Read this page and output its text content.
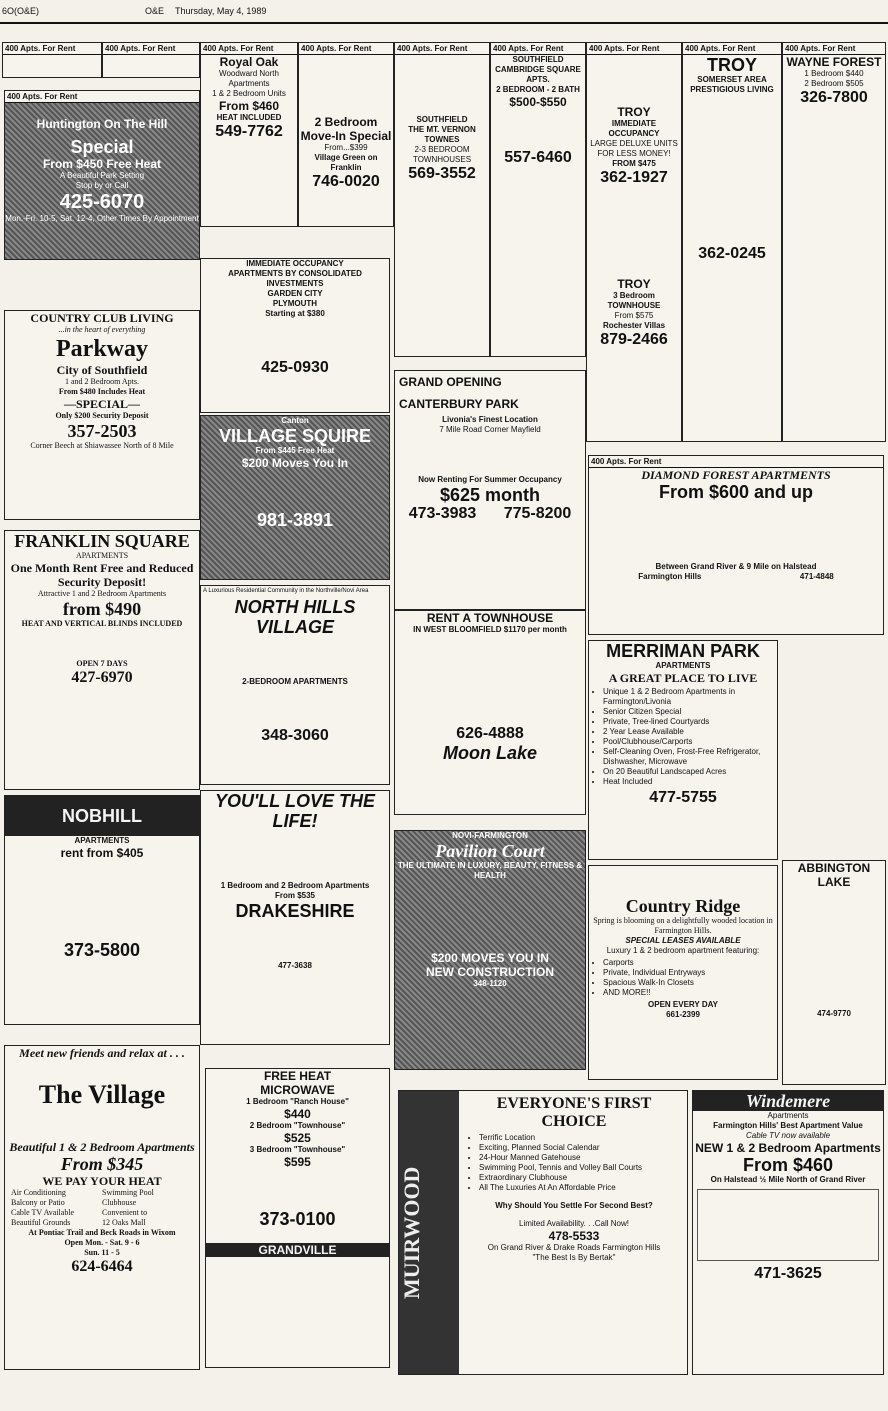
6O(O&E)	O&E Thursday, May 4, 1989
400 Apts. For Rent	400 Apts. For Rent
400 Apts. For Rent
Huntington On The Hill
Special
From $450 Free Heat
A Beautiful Park Setting
Stop by or Call
425-6070
Mon.-Fri. 10-5, Sat. 12-4, Other Times By Appointment
400 Apts. For Rent
Royal Oak
Woodward North Apartments
1 & 2 Bedroom Units
From $460
HEAT INCLUDED
549-7762
400 Apts. For Rent
2 Bedroom
Move-In Special
From...$399
Village Green on Franklin
746-0020
400 Apts. For Rent
SOUTHFIELD
THE MT. VERNON TOWNES
2-3 BEDROOM TOWNHOUSES
569-3552
400 Apts. For Rent
SOUTHFIELD CAMBRIDGE SQUARE APTS.
2 BEDROOM - 2 BATH
$500-$550
557-6460
400 Apts. For Rent
TROY
IMMEDIATE OCCUPANCY
LARGE DELUXE UNITS FOR LESS MONEY!
FROM $475
362-1927
TROY
3 Bedroom TOWNHOUSE
From $575
Rochester Villas
879-2466
400 Apts. For Rent
TROY
SOMERSET AREA PRESTIGIOUS LIVING
362-0245
400 Apts. For Rent
WAYNE FOREST
1 Bedroom $440
2 Bedroom $505
326-7800
COUNTRY CLUB LIVING
...in the heart of everything
Parkway
City of Southfield
1 and 2 Bedroom Apts.
From $480 Includes Heat
—SPECIAL—
Only $200 Security Deposit
357-2503
Corner Beech at Shiawassee North of 8 Mile
IMMEDIATE OCCUPANCY
APARTMENTS BY CONSOLIDATED INVESTMENTS
GARDEN CITY
PLYMOUTH
Starting at $380
425-0930
GRAND OPENING
CANTERBURY PARK
Livonia's Finest Location
7 Mile Road Corner Mayfield
Now Renting For Summer Occupancy
$625 month
473-3983 775-8200
Canton
VILLAGE SQUIRE
From $445 Free Heat
$200 Moves You In
981-3891
FRANKLIN SQUARE
APARTMENTS
One Month Rent Free and Reduced Security Deposit!
Attractive 1 and 2 Bedroom Apartments
from $490
HEAT AND VERTICAL BLINDS INCLUDED
OPEN 7 DAYS
427-6970
A Luxurious Residential Community in the Northville/Novi Area
NORTH HILLS VILLAGE
2-BEDROOM APARTMENTS
348-3060
RENT A TOWNHOUSE
IN WEST BLOOMFIELD $1170 per month
626-4888
Moon Lake
400 Apts. For Rent
DIAMOND FOREST APARTMENTS
From $600 and up
Between Grand River & 9 Mile on Halstead
Farmington Hills	471-4848
MERRIMAN PARK
APARTMENTS
A GREAT PLACE TO LIVE
• Unique 1 & 2 Bedroom Apartments in Farmington/Livonia
• Senior Citizen Special
• Private, Tree-lined Courtyards
• 2 Year Lease Available
• Pool/Clubhouse/Carports
• Self-Cleaning Oven, Frost-Free Refrigerator, Dishwasher, Microwave
• On 20 Beautiful Landscaped Acres
• Heat Included
477-5755
NOBHILL
APARTMENTS
rent from $405
373-5800
YOU'LL LOVE THE LIFE!
1 Bedroom and 2 Bedroom Apartments
From $535
DRAKESHIRE
477-3638
NOVI-FARMINGTON
Pavilion Court
THE ULTIMATE IN LUXURY, BEAUTY, FITNESS & HEALTH
$200 MOVES YOU IN
NEW CONSTRUCTION
348-1120
Country Ridge
Spring is blooming on a delightfully wooded location in Farmington Hills.
SPECIAL LEASES AVAILABLE
Luxury 1 & 2 bedroom apartment featuring:
• Carports
• Private, Individual Entryways
• Spacious Walk-In Closets
• AND MORE!!
OPEN EVERY DAY
661-2399
ABBINGTON LAKE
474-9770
Meet new friends and relax at . . .
The Village
Beautiful 1 & 2 Bedroom Apartments
From $345
WE PAY YOUR HEAT
Air Conditioning	Swimming Pool
Balcony or Patio	Clubhouse
Cable TV Available	Convenient to
Beautiful Grounds	12 Oaks Mall
At Pontiac Trail and Beck Roads in Wixom
Open Mon. - Sat. 9 - 6
Sun. 11 - 5
624-6464
FREE HEAT
MICROWAVE
1 Bedroom "Ranch House"
$440
2 Bedroom "Townhouse"
$525
3 Bedroom "Townhouse"
$595
373-0100
GRANDVILLE	MUIRWOOD
EVERYONE'S FIRST CHOICE
• Terrific Location
• Exciting, Planned Social Calendar
• 24-Hour Manned Gatehouse
• Swimming Pool, Tennis and Volley Ball Courts
• Extraordinary Clubhouse
• All The Luxuries At An Affordable Price
Why Should You Settle For Second Best?
Limited Availability. . .Call Now!
478-5533
On Grand River & Drake Roads Farmington Hills
"The Best Is By Bertak"
Windemere
Apartments
Farmington Hills' Best Apartment Value
Cable TV now available
NEW 1 & 2 Bedroom Apartments
From $460
On Halstead ½ Mile North of Grand River
471-3625
